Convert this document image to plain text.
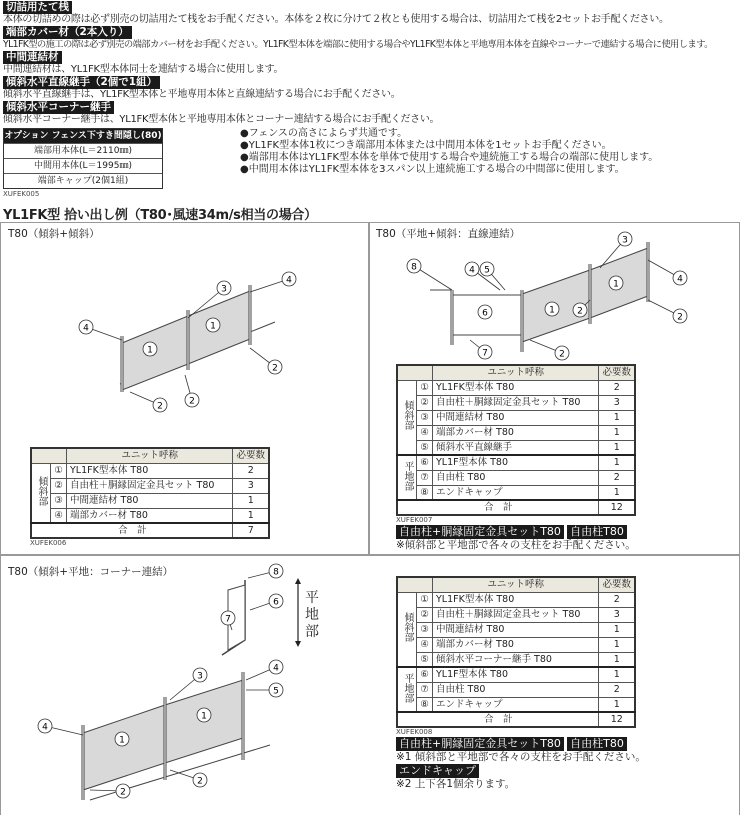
切詰用たて桟
本体の切詰めの際は必ず別売の切詰用たて桟をお手配ください。本体を２枚に分けて２枚とも使用する場合は、切詰用たて桟を2セットお手配ください。
端部カバー材（2本入り）
YL1FK型の施工の際は必ず別売の端部カバー材をお手配ください。YL1FK型本体を端部に使用する場合やYL1FK型本体と平地専用本体を直線やコーナーで連結する場合に使用します。
中間連結材
中間連結材は、YL1FK型本体同士を連結する場合に使用します。
傾斜水平直線継手（2個で1組）
傾斜水平直線継手は、YL1FK型本体と平地専用本体と直線連結する場合にお手配ください。
傾斜水平コーナー継手
傾斜水平コーナー継手は、YL1FK型本体と平地専用本体とコーナー連結する場合にお手配ください。
オプション フェンス下すき間隠し(80)
端部用本体(L＝2110㎜)
中間用本体(L＝1995㎜)
端部キャップ(2個1組)
XUFEK005
●フェンスの高さによらず共通です。
●YL1FK型本体1枚につき端部用本体または中間用本体を1セットお手配ください。
●端部用本体はYL1FK型本体を単体で使用する場合や連続施工する場合の端部に使用します。
●中間用本体はYL1FK型本体を3スパン以上連続施工する場合の中間部に使用します。
YL1FK型 拾い出し例（T80･風速34m/s相当の場合）
T80（傾斜+傾斜）	T80（平地+傾斜：直線連結）
T80（傾斜+平地：コーナー連結）
1
1
2	2
2
3
4
4
6	1
1
8	4 5
7	2
2
2
3
4
1
1
8
6
7
3
4
5
4
2
2
平地部
		ユニット呼称	必要数
傾斜部	①	YL1FK型本体 T80	2
	②	自由柱＋胴縁固定金具セット T80	3
	③	中間連結材 T80	1
	④	端部カバー材 T80	1
合　計			7
XUFEK006
		ユニット呼称	必要数
傾斜部	①	YL1FK型本体 T80	2
	②	自由柱＋胴縁固定金具セット T80	3
	③	中間連結材 T80	1
	④	端部カバー材 T80	1
	⑤	傾斜水平直線継手	1
平地部	⑥	YL1F型本体 T80	1
	⑦	自由柱 T80	2
	⑧	エンドキャップ	1
合　計			12
XUFEK007
自由柱+胴縁固定金具セットT80 自由柱T80
※傾斜部と平地部で各々の支柱をお手配ください。
		ユニット呼称	必要数
傾斜部	①	YL1FK型本体 T80	2
	②	自由柱＋胴縁固定金具セット T80	3
	③	中間連結材 T80	1
	④	端部カバー材 T80	1
	⑤	傾斜水平コーナー継手 T80	1
平地部	⑥	YL1F型本体 T80	1
	⑦	自由柱 T80	2
	⑧	エンドキャップ	1
合　計			12
XUFEK008
自由柱+胴縁固定金具セットT80 自由柱T80
※1 傾斜部と平地部で各々の支柱をお手配ください。
エンドキャップ
※2 上下各1個余ります。
